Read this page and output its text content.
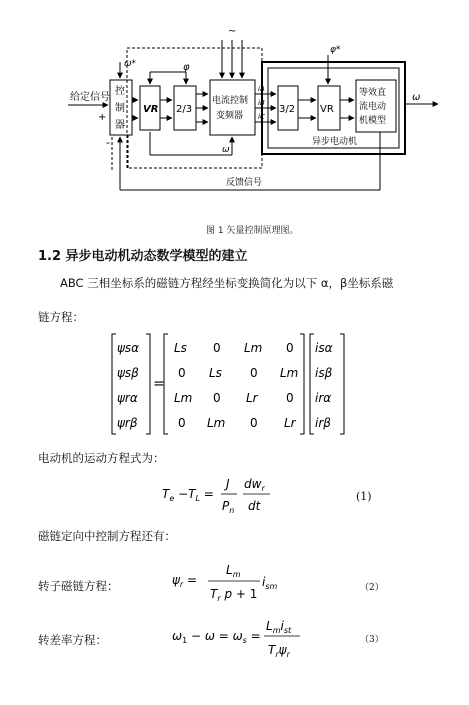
给定信号
+
-
ω*
控
制
器
VR 2/3
φ
电流控制
变频器
~
φ*
3/2 VR
等效直
流电动
机模型
异步电动机
ω
ω
反馈信号
iA
iB
iC
图 1 矢量控制原理图。
1.2 异步电动机动态数学模型的建立
ABC 三相坐标系的磁链方程经坐标变换简化为以下 α，β坐标系磁
链方程：
ψsα
ψsβ
ψrα
ψrβ
=
Ls 0 Lm 0
0 Ls 0 Lm
Lm 0 Lr 0
0 Lm 0 Lr
isα
isβ
irα
irβ
电动机的运动方程式为：
$T_e -T_L$ =
J
$P_n$
$dw_r$
dt
(1)
磁链定向中控制方程还有：
转子磁链方程：	$\psi_r$ =
$L_m$
$T_r$ p + 1
$i_{sm}$	（2）
转差率方程：	$\omega_1 - \omega = \omega_s$ =
$L_mi_{st}$
$T_r\psi_r$
（3）
